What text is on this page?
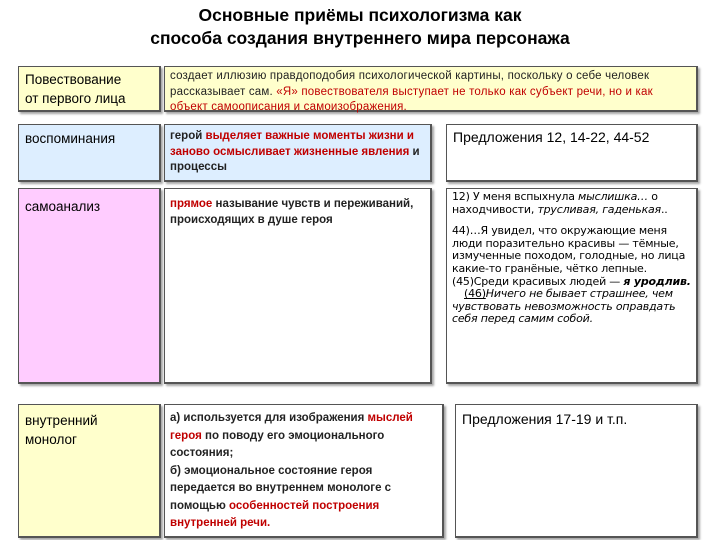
Основные приёмы психологизма как
способа создания внутреннего мира персонажа
Повествование
от первого лица
создает иллюзию правдоподобия психологической картины, поскольку о себе человек рассказывает сам. «Я» повествователя выступает не только как субъект речи, но и как объект самоописания и самоизображения.
воспоминания	герой выделяет важные моменты жизни и заново осмысливает жизненные явления и процессы
Предложения 12, 14-22, 44-52
самоанализ	прямое называние чувств и переживаний, происходящих в душе героя

12) У меня вспыхнула мыслишка… о находчивости, трусливая, гаденькая..

44)…Я увидел, что окружающие меня люди поразительно красивы — тёмные, измученные походом, голодные, но лица какие-то гранёные, чётко лепные. (45)Среди красивых людей — я уродлив.

(46)Ничего не бывает страшнее, чем чувствовать невозможность оправдать себя перед самим собой.

внутренний
монолог
а) используется для изображения мыслей героя по поводу его эмоционального состояния;
б) эмоциональное состояние героя передается во внутреннем монологе с помощью особенностей построения внутренней речи.
Предложения 17-19 и т.п.
